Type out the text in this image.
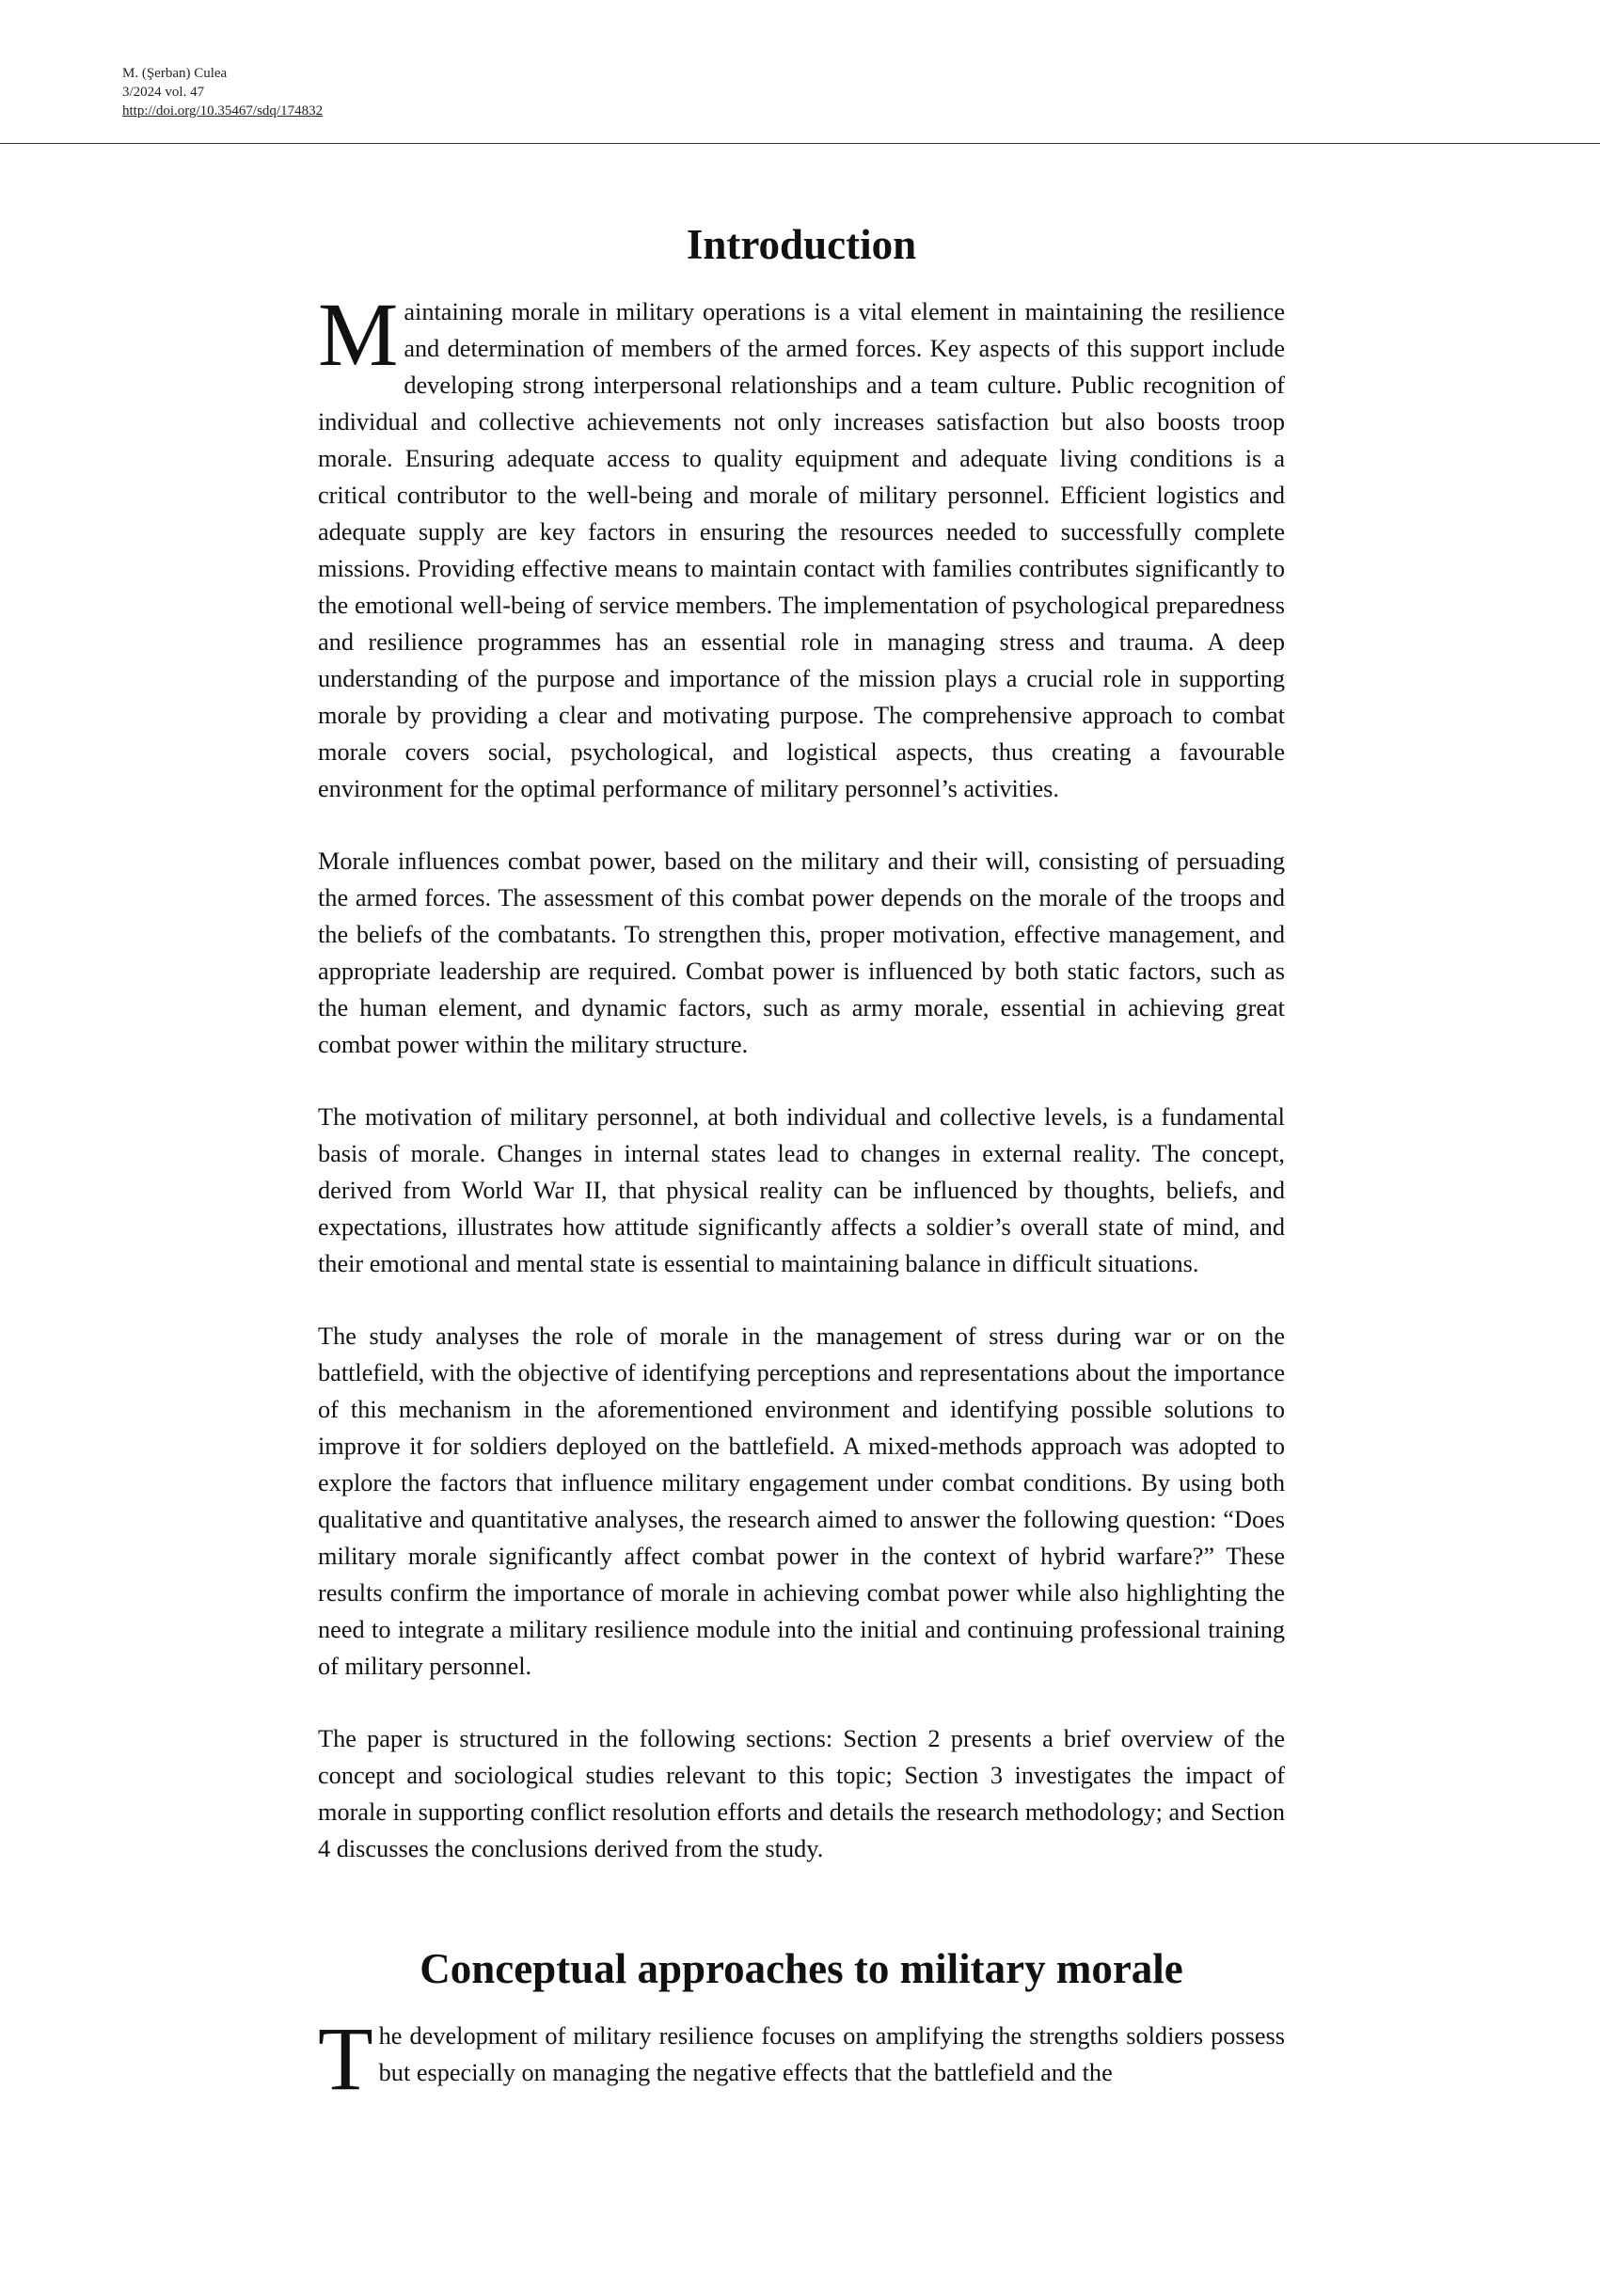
M. (Şerban) Culea
3/2024 vol. 47
http://doi.org/10.35467/sdq/174832
Introduction

Maintaining morale in military operations is a vital element in maintaining the resilience and determination of members of the armed forces. Key aspects of this support include developing strong interpersonal relationships and a team culture. Public recognition of individual and collective achievements not only increases satisfaction but also boosts troop morale. Ensuring adequate access to quality equipment and adequate living conditions is a critical contributor to the well-being and morale of military personnel. Efficient logistics and adequate supply are key factors in ensuring the resources needed to successfully complete missions. Providing effective means to maintain contact with families contributes significantly to the emotional well-being of service members. The implementation of psychological preparedness and resilience programmes has an essential role in managing stress and trauma. A deep understanding of the purpose and importance of the mission plays a crucial role in supporting morale by providing a clear and motivating purpose. The comprehensive approach to combat morale covers social, psychological, and logistical aspects, thus creating a favourable environment for the optimal performance of military personnel’s activities.

Morale influences combat power, based on the military and their will, consisting of persuading the armed forces. The assessment of this combat power depends on the morale of the troops and the beliefs of the combatants. To strengthen this, proper motivation, effective management, and appropriate leadership are required. Combat power is influenced by both static factors, such as the human element, and dynamic factors, such as army morale, essential in achieving great combat power within the military structure.

The motivation of military personnel, at both individual and collective levels, is a fundamental basis of morale. Changes in internal states lead to changes in external reality. The concept, derived from World War II, that physical reality can be influenced by thoughts, beliefs, and expectations, illustrates how attitude significantly affects a soldier’s overall state of mind, and their emotional and mental state is essential to maintaining balance in difficult situations.

The study analyses the role of morale in the management of stress during war or on the battlefield, with the objective of identifying perceptions and representations about the importance of this mechanism in the aforementioned environment and identifying possible solutions to improve it for soldiers deployed on the battlefield. A mixed-methods approach was adopted to explore the factors that influence military engagement under combat conditions. By using both qualitative and quantitative analyses, the research aimed to answer the following question: “Does military morale significantly affect combat power in the context of hybrid warfare?” These results confirm the importance of morale in achieving combat power while also highlighting the need to integrate a military resilience module into the initial and continuing professional training of military personnel.

The paper is structured in the following sections: Section 2 presents a brief overview of the concept and sociological studies relevant to this topic; Section 3 investigates the impact of morale in supporting conflict resolution efforts and details the research methodology; and Section 4 discusses the conclusions derived from the study.

Conceptual approaches to military morale

The development of military resilience focuses on amplifying the strengths soldiers possess but especially on managing the negative effects that the battlefield and the
